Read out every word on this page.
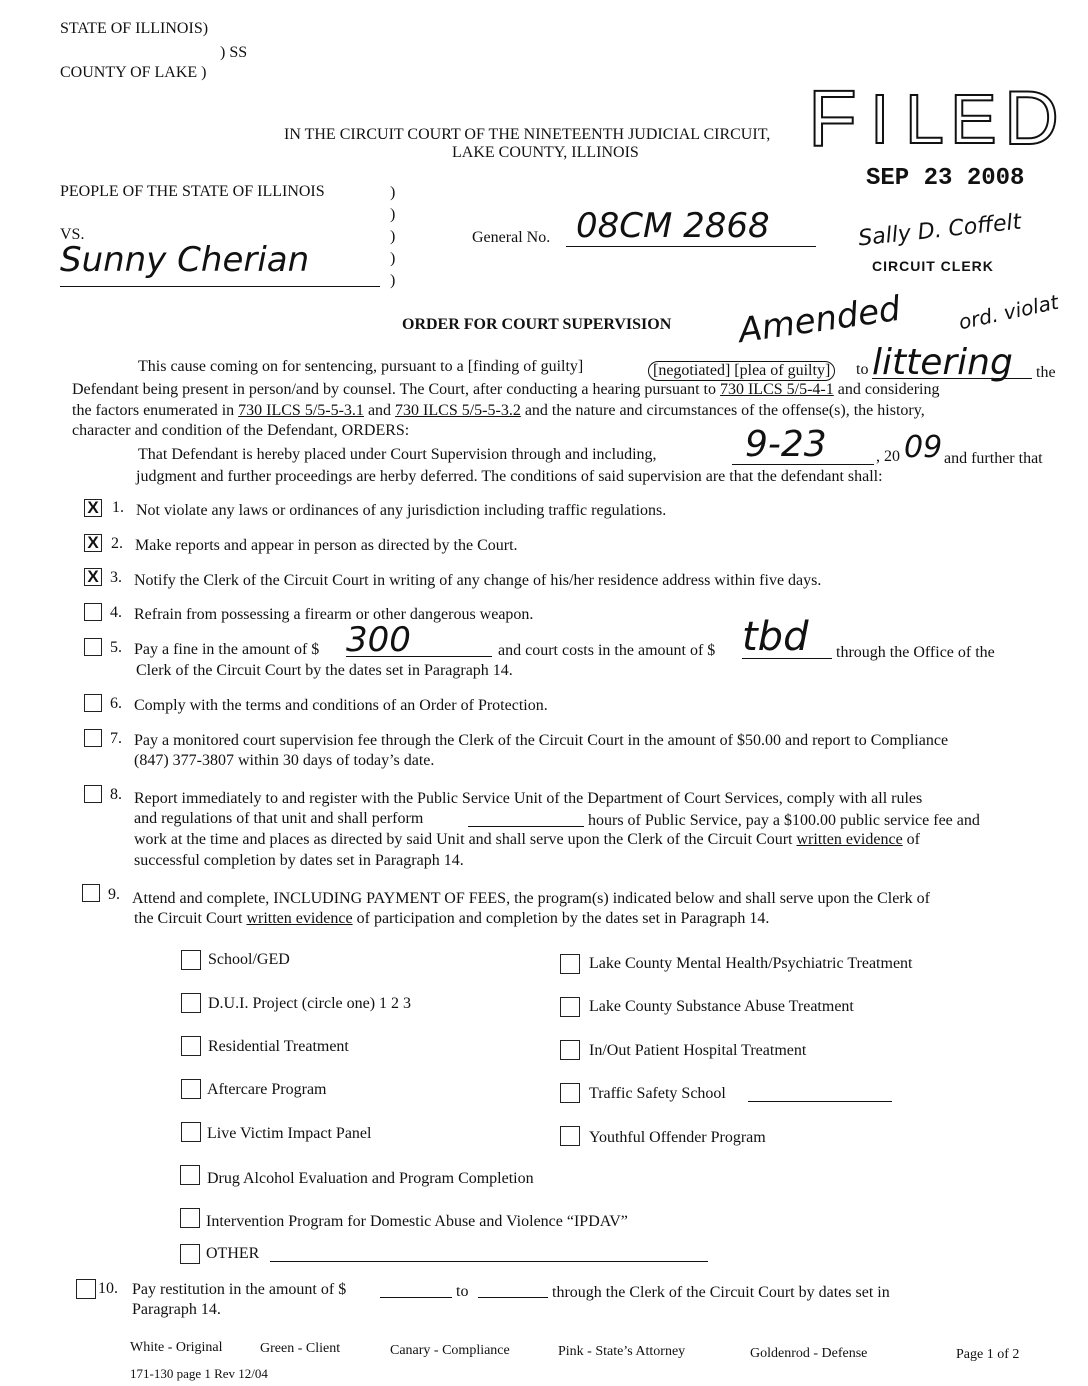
STATE OF ILLINOIS)
) SS
COUNTY OF LAKE )
IN THE CIRCUIT COURT OF THE NINETEENTH JUDICIAL CIRCUIT,
LAKE COUNTY, ILLINOIS F I L E D
SEP 23 2008
Sally D. Coffelt
CIRCUIT CLERK
PEOPLE OF THE STATE OF ILLINOIS	)
)
)
)
)
VS.
Sunny Cherian
General No. 08CM 2868
ORDER FOR COURT SUPERVISION Amended	ord. violat
This cause coming on for sentencing, pursuant to a [finding of guilty]	[negotiated] [plea of guilty]	to littering the
Defendant being present in person/and by counsel. The Court, after conducting a hearing pursuant to 730 ILCS 5/5-4-1 and considering
the factors enumerated in 730 ILCS 5/5-5-3.1 and 730 ILCS 5/5-5-3.2 and the nature and circumstances of the offense(s), the history,
character and condition of the Defendant, ORDERS:
That Defendant is hereby placed under Court Supervision through and including, 9-23	, 20 09 and further that
judgment and further proceedings are herby deferred. The conditions of said supervision are that the defendant shall:
X 1. Not violate any laws or ordinances of any jurisdiction including traffic regulations.
X 2. Make reports and appear in person as directed by the Court.
X 3. Notify the Clerk of the Circuit Court in writing of any change of his/her residence address within five days.
4. Refrain from possessing a firearm or other dangerous weapon.
5. Pay a fine in the amount of $ 300	and court costs in the amount of $ tbd through the Office of the
Clerk of the Circuit Court by the dates set in Paragraph 14.
6. Comply with the terms and conditions of an Order of Protection.
7. Pay a monitored court supervision fee through the Clerk of the Circuit Court in the amount of $50.00 and report to Compliance
(847) 377-3807 within 30 days of today’s date.
8. Report immediately to and register with the Public Service Unit of the Department of Court Services, comply with all rules
and regulations of that unit and shall perform	hours of Public Service, pay a $100.00 public service fee and
work at the time and places as directed by said Unit and shall serve upon the Clerk of the Circuit Court written evidence of
successful completion by dates set in Paragraph 14.
9. Attend and complete, INCLUDING PAYMENT OF FEES, the program(s) indicated below and shall serve upon the Clerk of
the Circuit Court written evidence of participation and completion by the dates set in Paragraph 14.
School/GED
D.U.I. Project (circle one) 1 2 3
Residential Treatment
Aftercare Program
Live Victim Impact Panel
Lake County Mental Health/Psychiatric Treatment
Lake County Substance Abuse Treatment
In/Out Patient Hospital Treatment
Traffic Safety School
Youthful Offender Program
Drug Alcohol Evaluation and Program Completion
Intervention Program for Domestic Abuse and Violence “IPDAV”
OTHER
10. Pay restitution in the amount of $	to	through the Clerk of the Circuit Court by dates set in
Paragraph 14.
White - Original	Green - Client	Canary - Compliance	Pink - State’s Attorney	Goldenrod - Defense	Page 1 of 2
171-130 page 1 Rev 12/04
